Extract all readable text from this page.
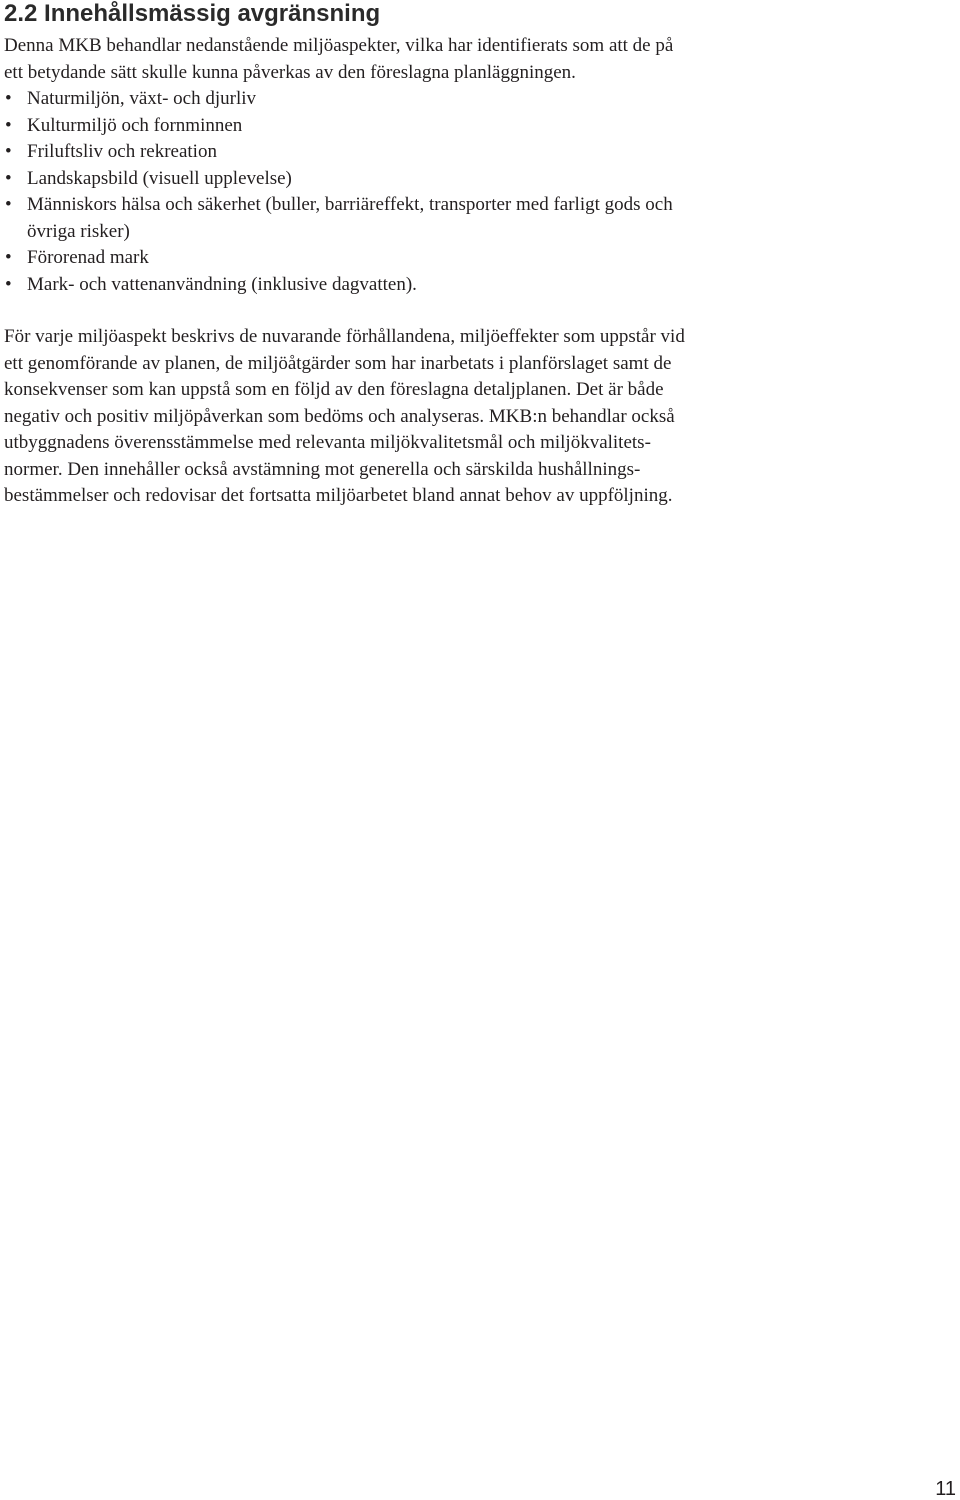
2.2 Innehållsmässig avgränsning

Denna MKB behandlar nedanstående miljöaspekter, vilka har identifierats som att de på
ett betydande sätt skulle kunna påverkas av den föreslagna planläggningen.

• Naturmiljön, växt- och djurliv
• Kulturmiljö och fornminnen
• Friluftsliv och rekreation
• Landskapsbild (visuell upplevelse)
• Människors hälsa och säkerhet (buller, barriäreffekt, transporter med farligt gods och
övriga risker)
• Förorenad mark
• Mark- och vattenanvändning (inklusive dagvatten).

För varje miljöaspekt beskrivs de nuvarande förhållandena, miljöeffekter som uppstår vid
ett genomförande av planen, de miljöåtgärder som har inarbetats i planförslaget samt de
konsekvenser som kan uppstå som en följd av den föreslagna detaljplanen. Det är både
negativ och positiv miljöpåverkan som bedöms och analyseras. MKB:n behandlar också
utbyggnadens överensstämmelse med relevanta miljökvalitetsmål och miljökvalitets-
normer. Den innehåller också avstämning mot generella och särskilda hushållnings-
bestämmelser och redovisar det fortsatta miljöarbetet bland annat behov av uppföljning.

11
